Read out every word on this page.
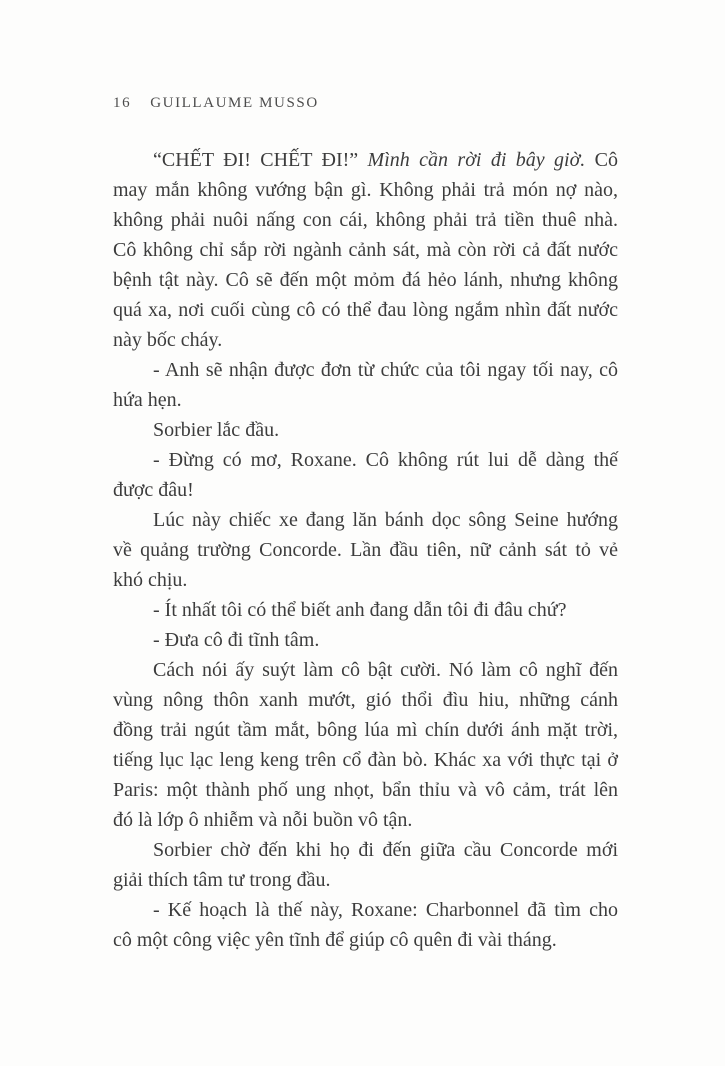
16 GUILLAUME MUSSO
“CHẾT ĐI! CHẾT ĐI!” Mình cần rời đi bây giờ. Cô
may mắn không vướng bận gì. Không phải trả món nợ nào,
không phải nuôi nấng con cái, không phải trả tiền thuê nhà.
Cô không chỉ sắp rời ngành cảnh sát, mà còn rời cả đất nước
bệnh tật này. Cô sẽ đến một mỏm đá hẻo lánh, nhưng không
quá xa, nơi cuối cùng cô có thể đau lòng ngắm nhìn đất nước
này bốc cháy.
- Anh sẽ nhận được đơn từ chức của tôi ngay tối nay, cô
hứa hẹn.
Sorbier lắc đầu.
- Đừng có mơ, Roxane. Cô không rút lui dễ dàng thế
được đâu!
Lúc này chiếc xe đang lăn bánh dọc sông Seine hướng
về quảng trường Concorde. Lần đầu tiên, nữ cảnh sát tỏ vẻ
khó chịu.
- Ít nhất tôi có thể biết anh đang dẫn tôi đi đâu chứ?
- Đưa cô đi tĩnh tâm.
Cách nói ấy suýt làm cô bật cười. Nó làm cô nghĩ đến
vùng nông thôn xanh mướt, gió thổi đìu hiu, những cánh
đồng trải ngút tầm mắt, bông lúa mì chín dưới ánh mặt trời,
tiếng lục lạc leng keng trên cổ đàn bò. Khác xa với thực tại ở
Paris: một thành phố ung nhọt, bẩn thỉu và vô cảm, trát lên
đó là lớp ô nhiễm và nỗi buồn vô tận.
Sorbier chờ đến khi họ đi đến giữa cầu Concorde mới
giải thích tâm tư trong đầu.
- Kế hoạch là thế này, Roxane: Charbonnel đã tìm cho
cô một công việc yên tĩnh để giúp cô quên đi vài tháng.
